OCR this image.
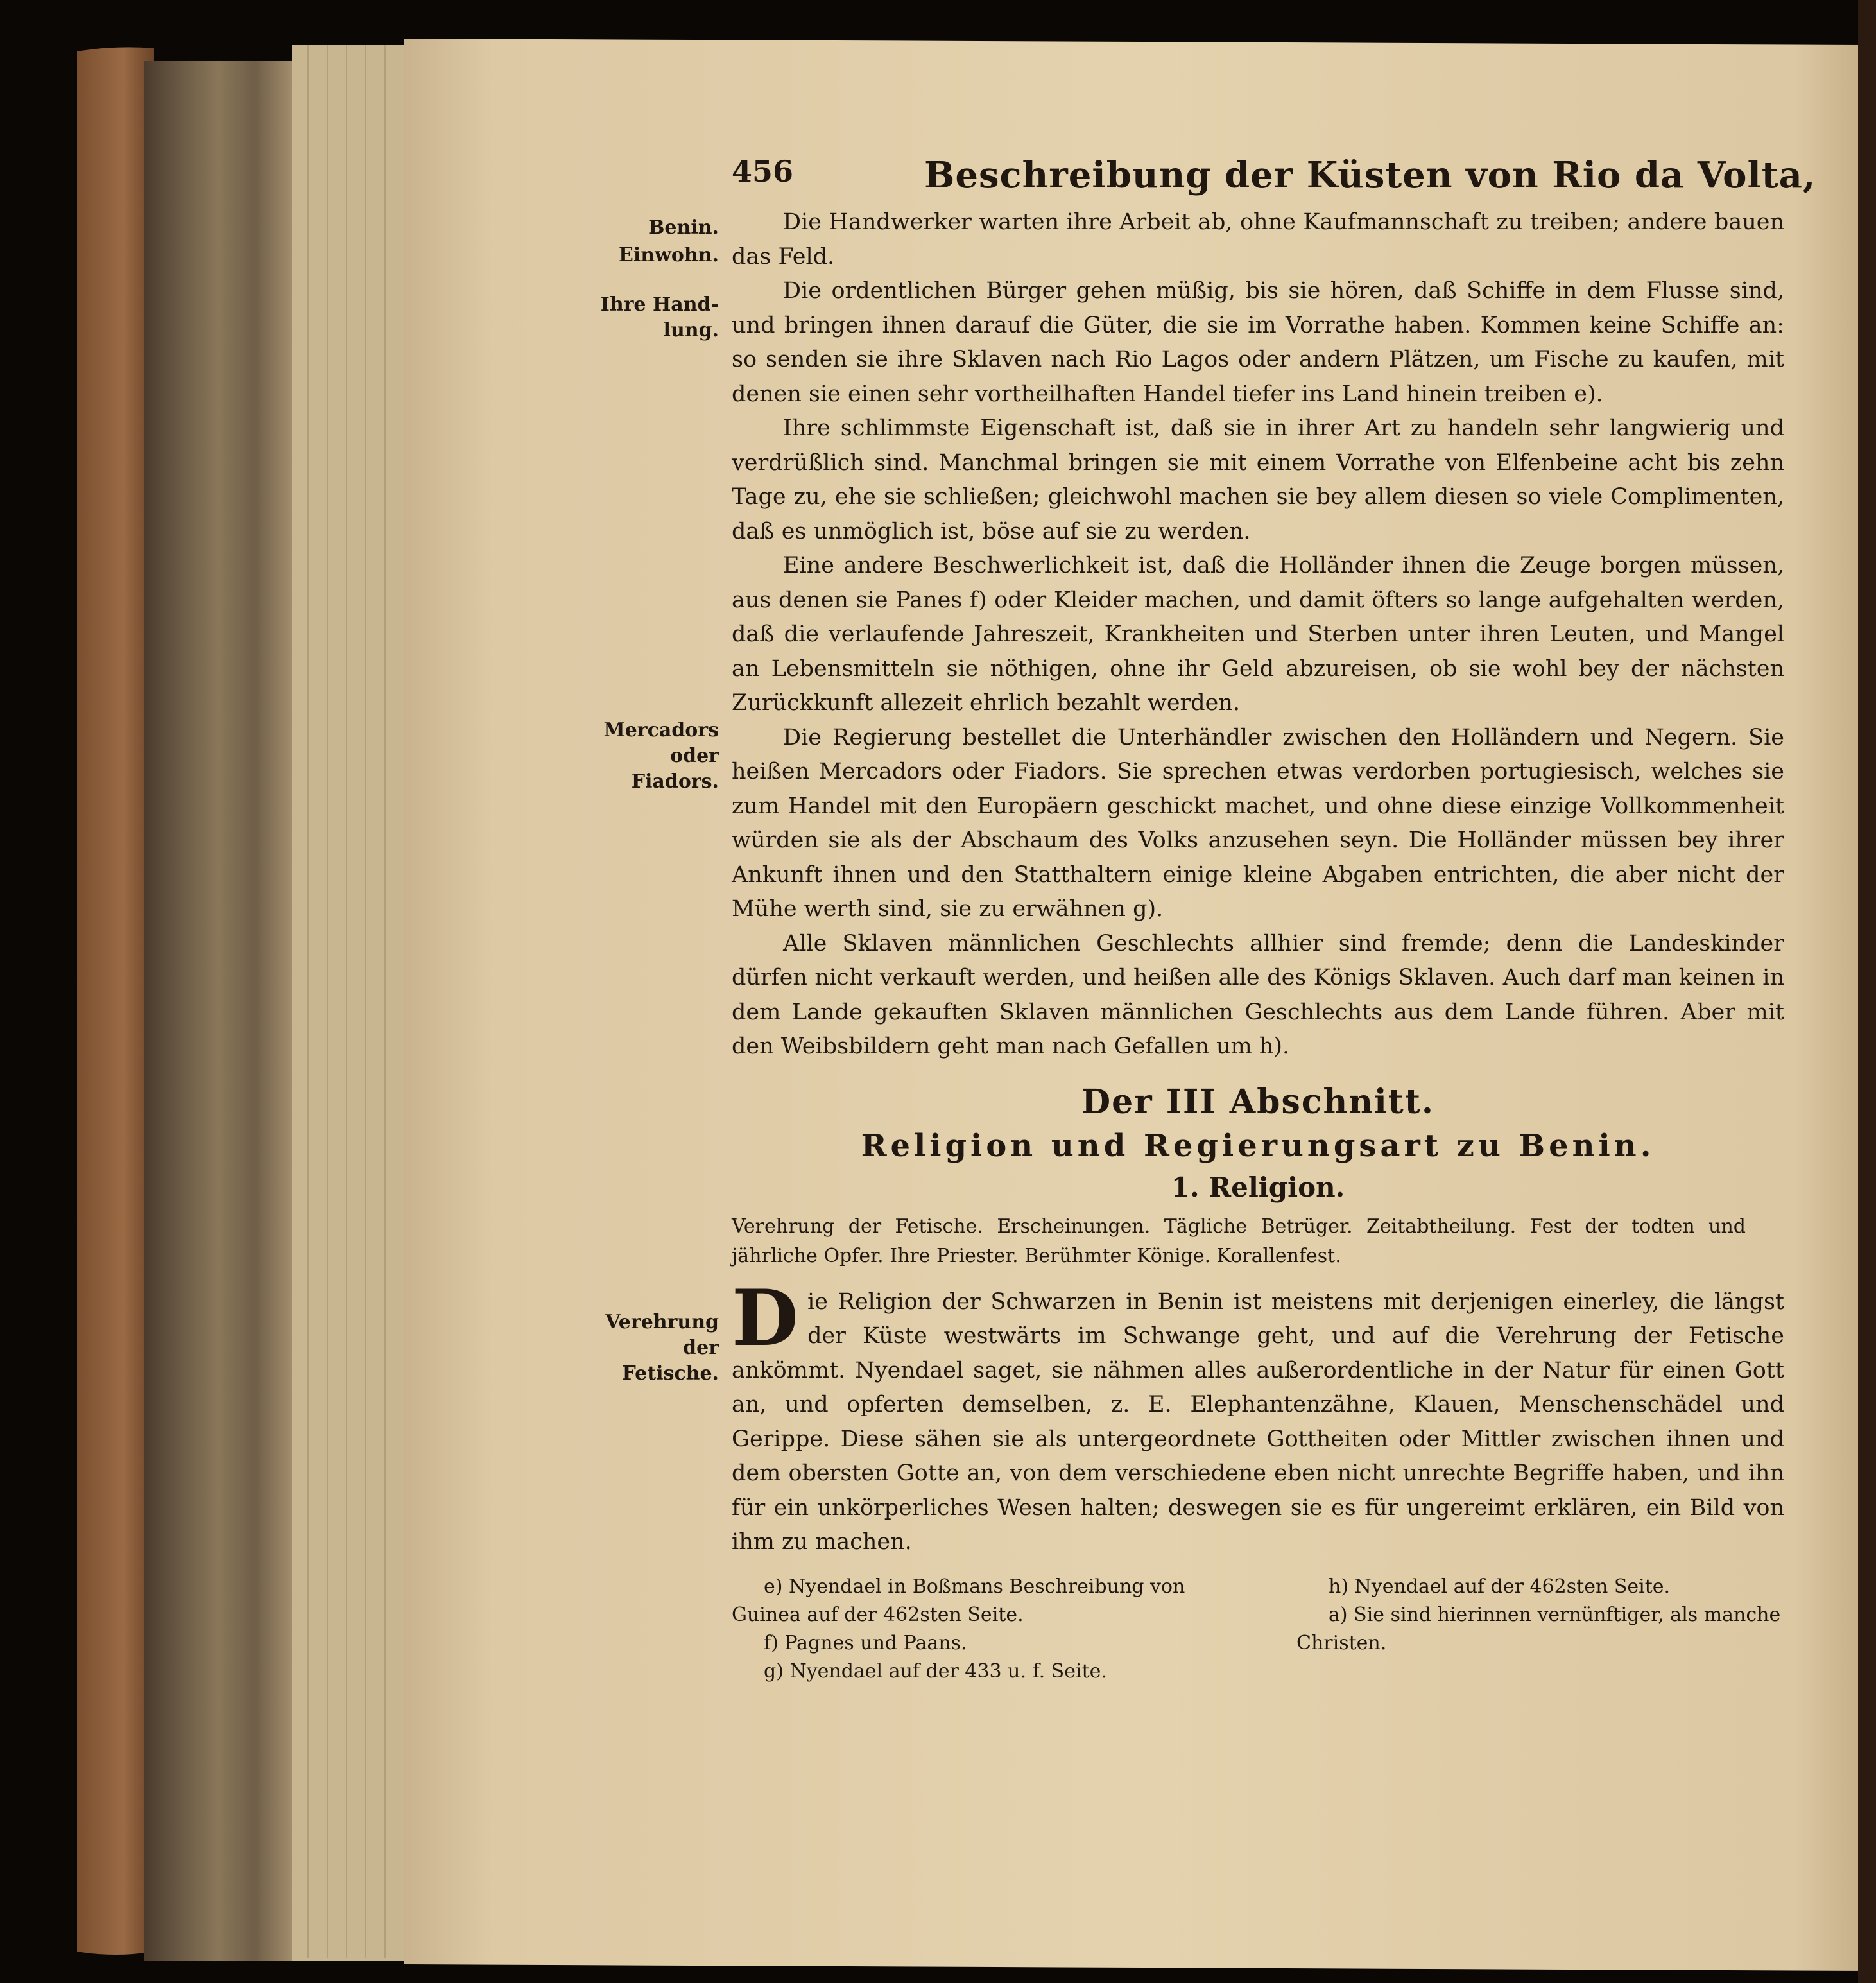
456	Beschreibung der Küsten von Rio da Volta,

Die Handwerker warten ihre Arbeit ab, ohne Kaufmannschaft zu treiben; andere bauen das Feld.

Die ordentlichen Bürger gehen müßig, bis sie hören, daß Schiffe in dem Flusse sind, und bringen ihnen darauf die Güter, die sie im Vorrathe haben. Kommen keine Schiffe an: so senden sie ihre Sklaven nach Rio Lagos oder andern Plätzen, um Fische zu kaufen, mit denen sie einen sehr vortheilhaften Handel tiefer ins Land hinein treiben e).

Ihre schlimmste Eigenschaft ist, daß sie in ihrer Art zu handeln sehr langwierig und verdrüßlich sind. Manchmal bringen sie mit einem Vorrathe von Elfenbeine acht bis zehn Tage zu, ehe sie schließen; gleichwohl machen sie bey allem diesen so viele Complimenten, daß es unmöglich ist, böse auf sie zu werden.

Eine andere Beschwerlichkeit ist, daß die Holländer ihnen die Zeuge borgen müssen, aus denen sie Panes f) oder Kleider machen, und damit öfters so lange aufgehalten werden, daß die verlaufende Jahreszeit, Krankheiten und Sterben unter ihren Leuten, und Mangel an Lebensmitteln sie nöthigen, ohne ihr Geld abzureisen, ob sie wohl bey der nächsten Zurückkunft allezeit ehrlich bezahlt werden.

Die Regierung bestellet die Unterhändler zwischen den Holländern und Negern. Sie heißen Mercadors oder Fiadors. Sie sprechen etwas verdorben portugiesisch, welches sie zum Handel mit den Europäern geschickt machet, und ohne diese einzige Vollkommenheit würden sie als der Abschaum des Volks anzusehen seyn. Die Holländer müssen bey ihrer Ankunft ihnen und den Statthaltern einige kleine Abgaben entrichten, die aber nicht der Mühe werth sind, sie zu erwähnen g).

Alle Sklaven männlichen Geschlechts allhier sind fremde; denn die Landeskinder dürfen nicht verkauft werden, und heißen alle des Königs Sklaven. Auch darf man keinen in dem Lande gekauften Sklaven männlichen Geschlechts aus dem Lande führen. Aber mit den Weibsbildern geht man nach Gefallen um h).

Der III Abschnitt.
Religion und Regierungsart zu Benin.
1. Religion.

Verehrung der Fetische. Erscheinungen. Tägliche Betrüger. Zeitabtheilung. Fest der todten und jährliche Opfer. Ihre Priester. Berühmter Könige. Korallenfest.

Die Religion der Schwarzen in Benin ist meistens mit derjenigen einerley, die längst der Küste westwärts im Schwange geht, und auf die Verehrung der Fetische ankömmt. Nyendael saget, sie nähmen alles außerordentliche in der Natur für einen Gott an, und opferten demselben, z. E. Elephantenzähne, Klauen, Menschenschädel und Gerippe. Diese sähen sie als untergeordnete Gottheiten oder Mittler zwischen ihnen und dem obersten Gotte an, von dem verschiedene eben nicht unrechte Begriffe haben, und ihn für ein unkörperliches Wesen halten; deswegen sie es für ungereimt erklären, ein Bild von ihm zu machen.

e) Nyendael in Boßmans Beschreibung von

Guinea auf der 462sten Seite.

f) Pagnes und Paans.

g) Nyendael auf der 433 u. f. Seite.

h) Nyendael auf der 462sten Seite.

a) Sie sind hierinnen vernünftiger, als manche

Christen.

Benin.
Einwohn.
Ihre Hand-lung.
Mercadors oder Fiadors.
Verehrung der Fetische.
